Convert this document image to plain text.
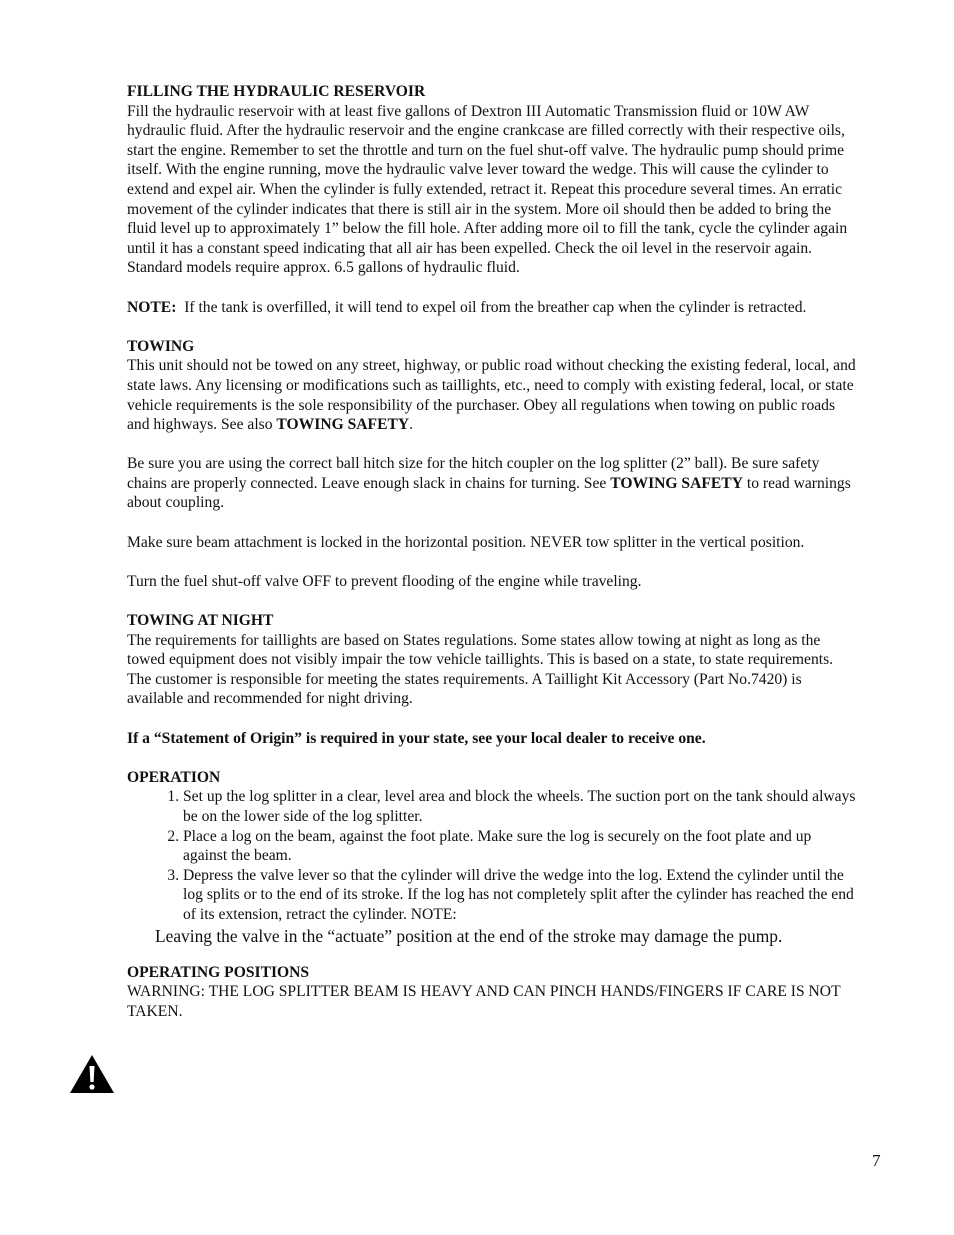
FILLING THE HYDRAULIC RESERVOIR

Fill the hydraulic reservoir with at least five gallons of Dextron III Automatic Transmission fluid or 10W AW hydraulic fluid. After the hydraulic reservoir and the engine crankcase are filled correctly with their respective oils, start the engine. Remember to set the throttle and turn on the fuel shut-off valve. The hydraulic pump should prime itself. With the engine running, move the hydraulic valve lever toward the wedge. This will cause the cylinder to extend and expel air. When the cylinder is fully extended, retract it. Repeat this procedure several times. An erratic movement of the cylinder indicates that there is still air in the system. More oil should then be added to bring the fluid level up to approximately 1” below the fill hole. After adding more oil to fill the tank, cycle the cylinder again until it has a constant speed indicating that all air has been expelled. Check the oil level in the reservoir again. Standard models require approx. 6.5 gallons of hydraulic fluid.

NOTE: If the tank is overfilled, it will tend to expel oil from the breather cap when the cylinder is retracted.

TOWING

This unit should not be towed on any street, highway, or public road without checking the existing federal, local, and state laws. Any licensing or modifications such as taillights, etc., need to comply with existing federal, local, or state vehicle requirements is the sole responsibility of the purchaser. Obey all regulations when towing on public roads and highways. See also TOWING SAFETY.

Be sure you are using the correct ball hitch size for the hitch coupler on the log splitter (2” ball). Be sure safety chains are properly connected. Leave enough slack in chains for turning. See TOWING SAFETY to read warnings about coupling.

Make sure beam attachment is locked in the horizontal position. NEVER tow splitter in the vertical position.

Turn the fuel shut-off valve OFF to prevent flooding of the engine while traveling.

TOWING AT NIGHT

The requirements for taillights are based on States regulations. Some states allow towing at night as long as the towed equipment does not visibly impair the tow vehicle taillights. This is based on a state, to state requirements. The customer is responsible for meeting the states requirements. A Taillight Kit Accessory (Part No.7420) is available and recommended for night driving.

If a “Statement of Origin” is required in your state, see your local dealer to receive one.

OPERATION
1. Set up the log splitter in a clear, level area and block the wheels. The suction port on the tank should always be on the lower side of the log splitter.
2. Place a log on the beam, against the foot plate. Make sure the log is securely on the foot plate and up against the beam.
3. Depress the valve lever so that the cylinder will drive the wedge into the log. Extend the cylinder until the log splits or to the end of its stroke. If the log has not completely split after the cylinder has reached the end of its extension, retract the cylinder. NOTE:

Leaving the valve in the “actuate” position at the end of the stroke may damage the pump.

OPERATING POSITIONS

WARNING: THE LOG SPLITTER BEAM IS HEAVY AND CAN PINCH HANDS/FINGERS IF CARE IS NOT TAKEN.

7
